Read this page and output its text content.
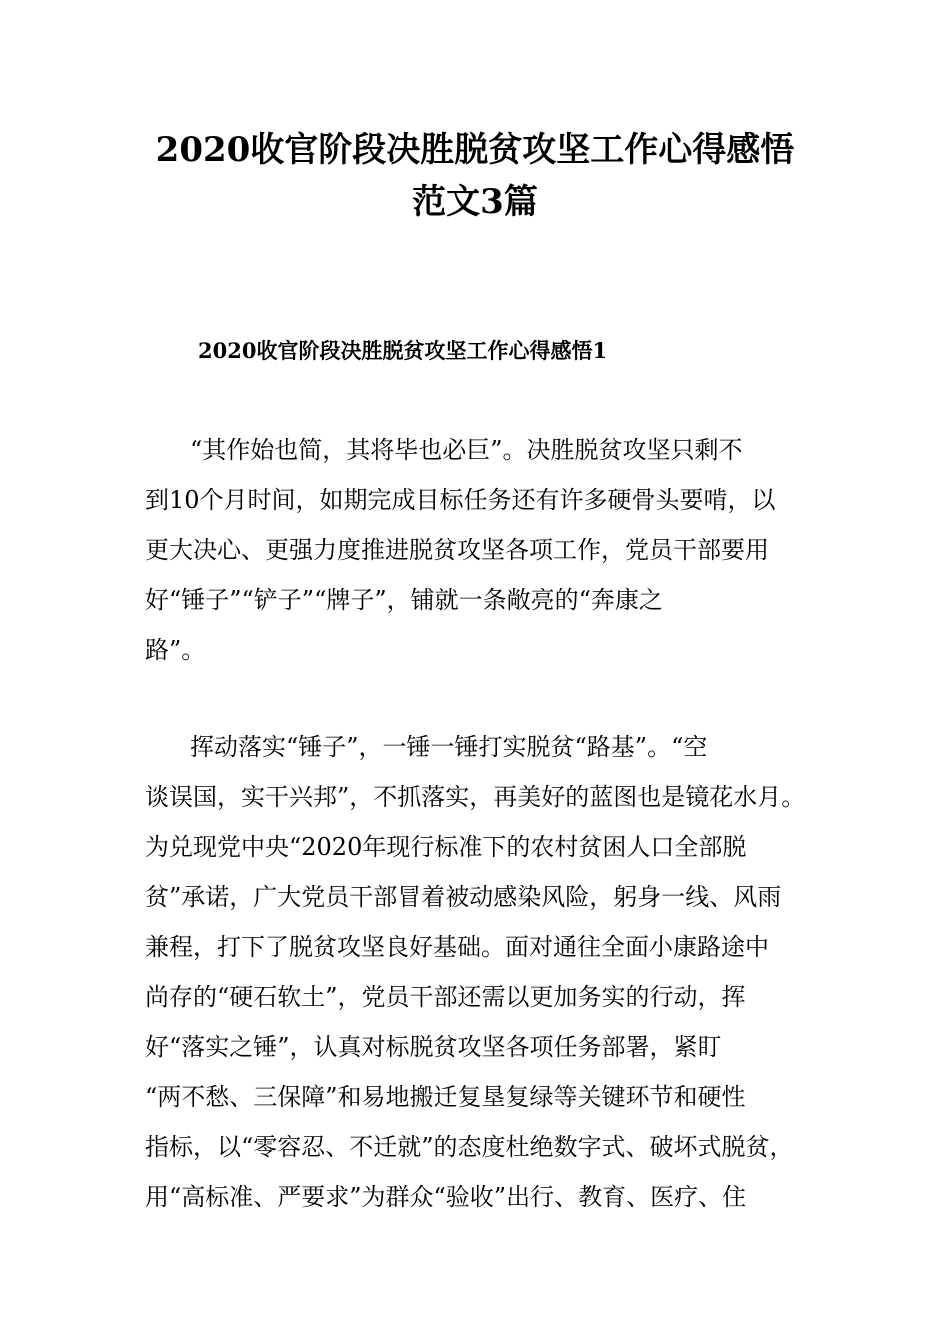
2020收官阶段决胜脱贫攻坚工作心得感悟
范文3篇
2020收官阶段决胜脱贫攻坚工作心得感悟1

“其作始也简，其将毕也必巨”。决胜脱贫攻坚只剩不

到10个月时间，如期完成目标任务还有许多硬骨头要啃，以

更大决心、更强力度推进脱贫攻坚各项工作，党员干部要用

好“锤子”“铲子”“牌子”，铺就一条敞亮的“奔康之

路”。

挥动落实“锤子”，一锤一锤打实脱贫“路基”。“空

谈误国，实干兴邦”，不抓落实，再美好的蓝图也是镜花水月。

为兑现党中央“2020年现行标准下的农村贫困人口全部脱

贫”承诺，广大党员干部冒着被动感染风险，躬身一线、风雨

兼程，打下了脱贫攻坚良好基础。面对通往全面小康路途中

尚存的“硬石软土”，党员干部还需以更加务实的行动，挥

好“落实之锤”，认真对标脱贫攻坚各项任务部署，紧盯

“两不愁、三保障”和易地搬迁复垦复绿等关键环节和硬性

指标，以“零容忍、不迁就”的态度杜绝数字式、破坏式脱贫，

用“高标准、严要求”为群众“验收”出行、教育、医疗、住
